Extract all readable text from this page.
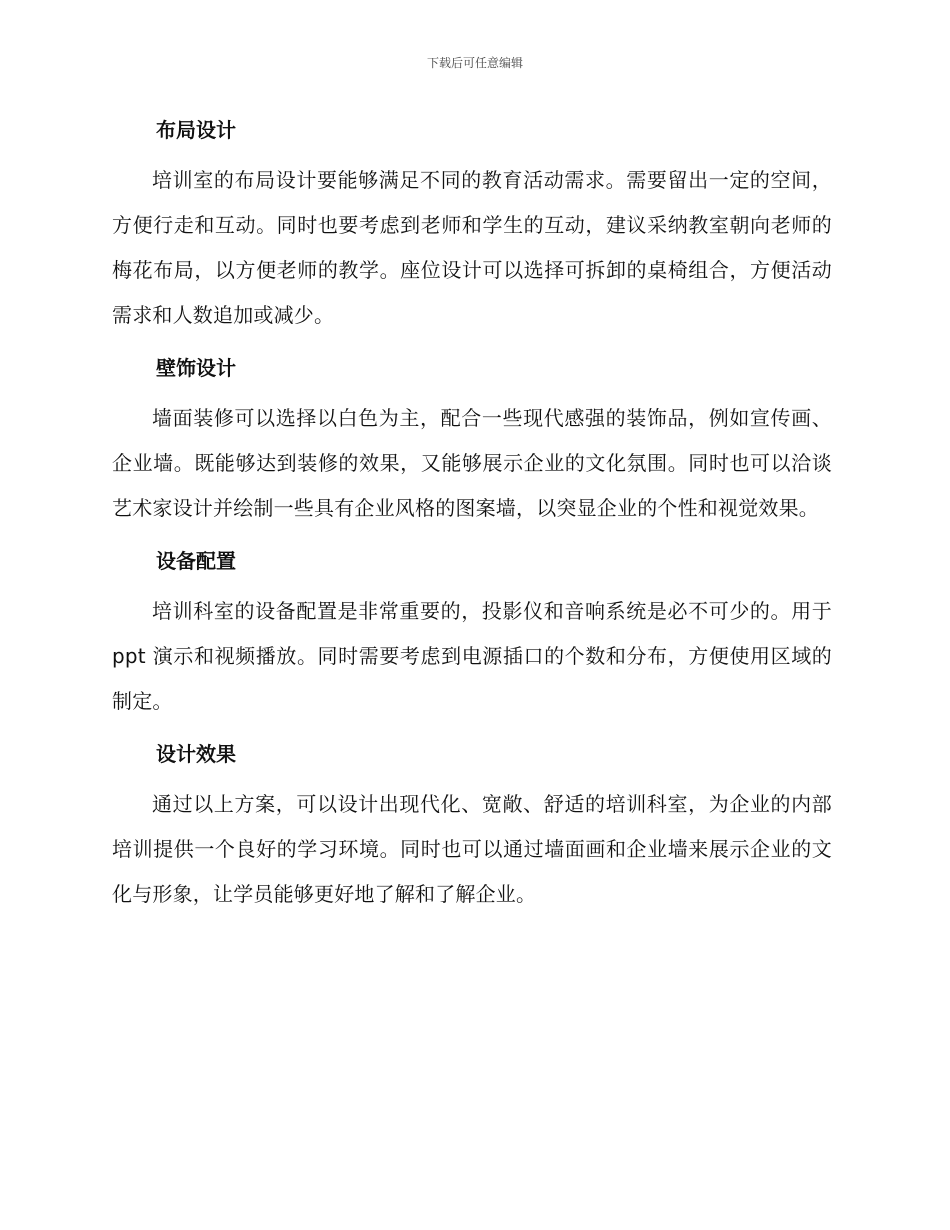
下载后可任意编辑
布局设计

培训室的布局设计要能够满足不同的教育活动需求。需要留出一定的空间，方便行走和互动。同时也要考虑到老师和学生的互动，建议采纳教室朝向老师的梅花布局，以方便老师的教学。座位设计可以选择可拆卸的桌椅组合，方便活动需求和人数追加或减少。

壁饰设计

墙面装修可以选择以白色为主，配合一些现代感强的装饰品，例如宣传画、企业墙。既能够达到装修的效果，又能够展示企业的文化氛围。同时也可以洽谈艺术家设计并绘制一些具有企业风格的图案墙，以突显企业的个性和视觉效果。

设备配置

培训科室的设备配置是非常重要的，投影仪和音响系统是必不可少的。用于 ppt 演示和视频播放。同时需要考虑到电源插口的个数和分布，方便使用区域的制定。

设计效果

通过以上方案，可以设计出现代化、宽敞、舒适的培训科室，为企业的内部培训提供一个良好的学习环境。同时也可以通过墙面画和企业墙来展示企业的文化与形象，让学员能够更好地了解和了解企业。
